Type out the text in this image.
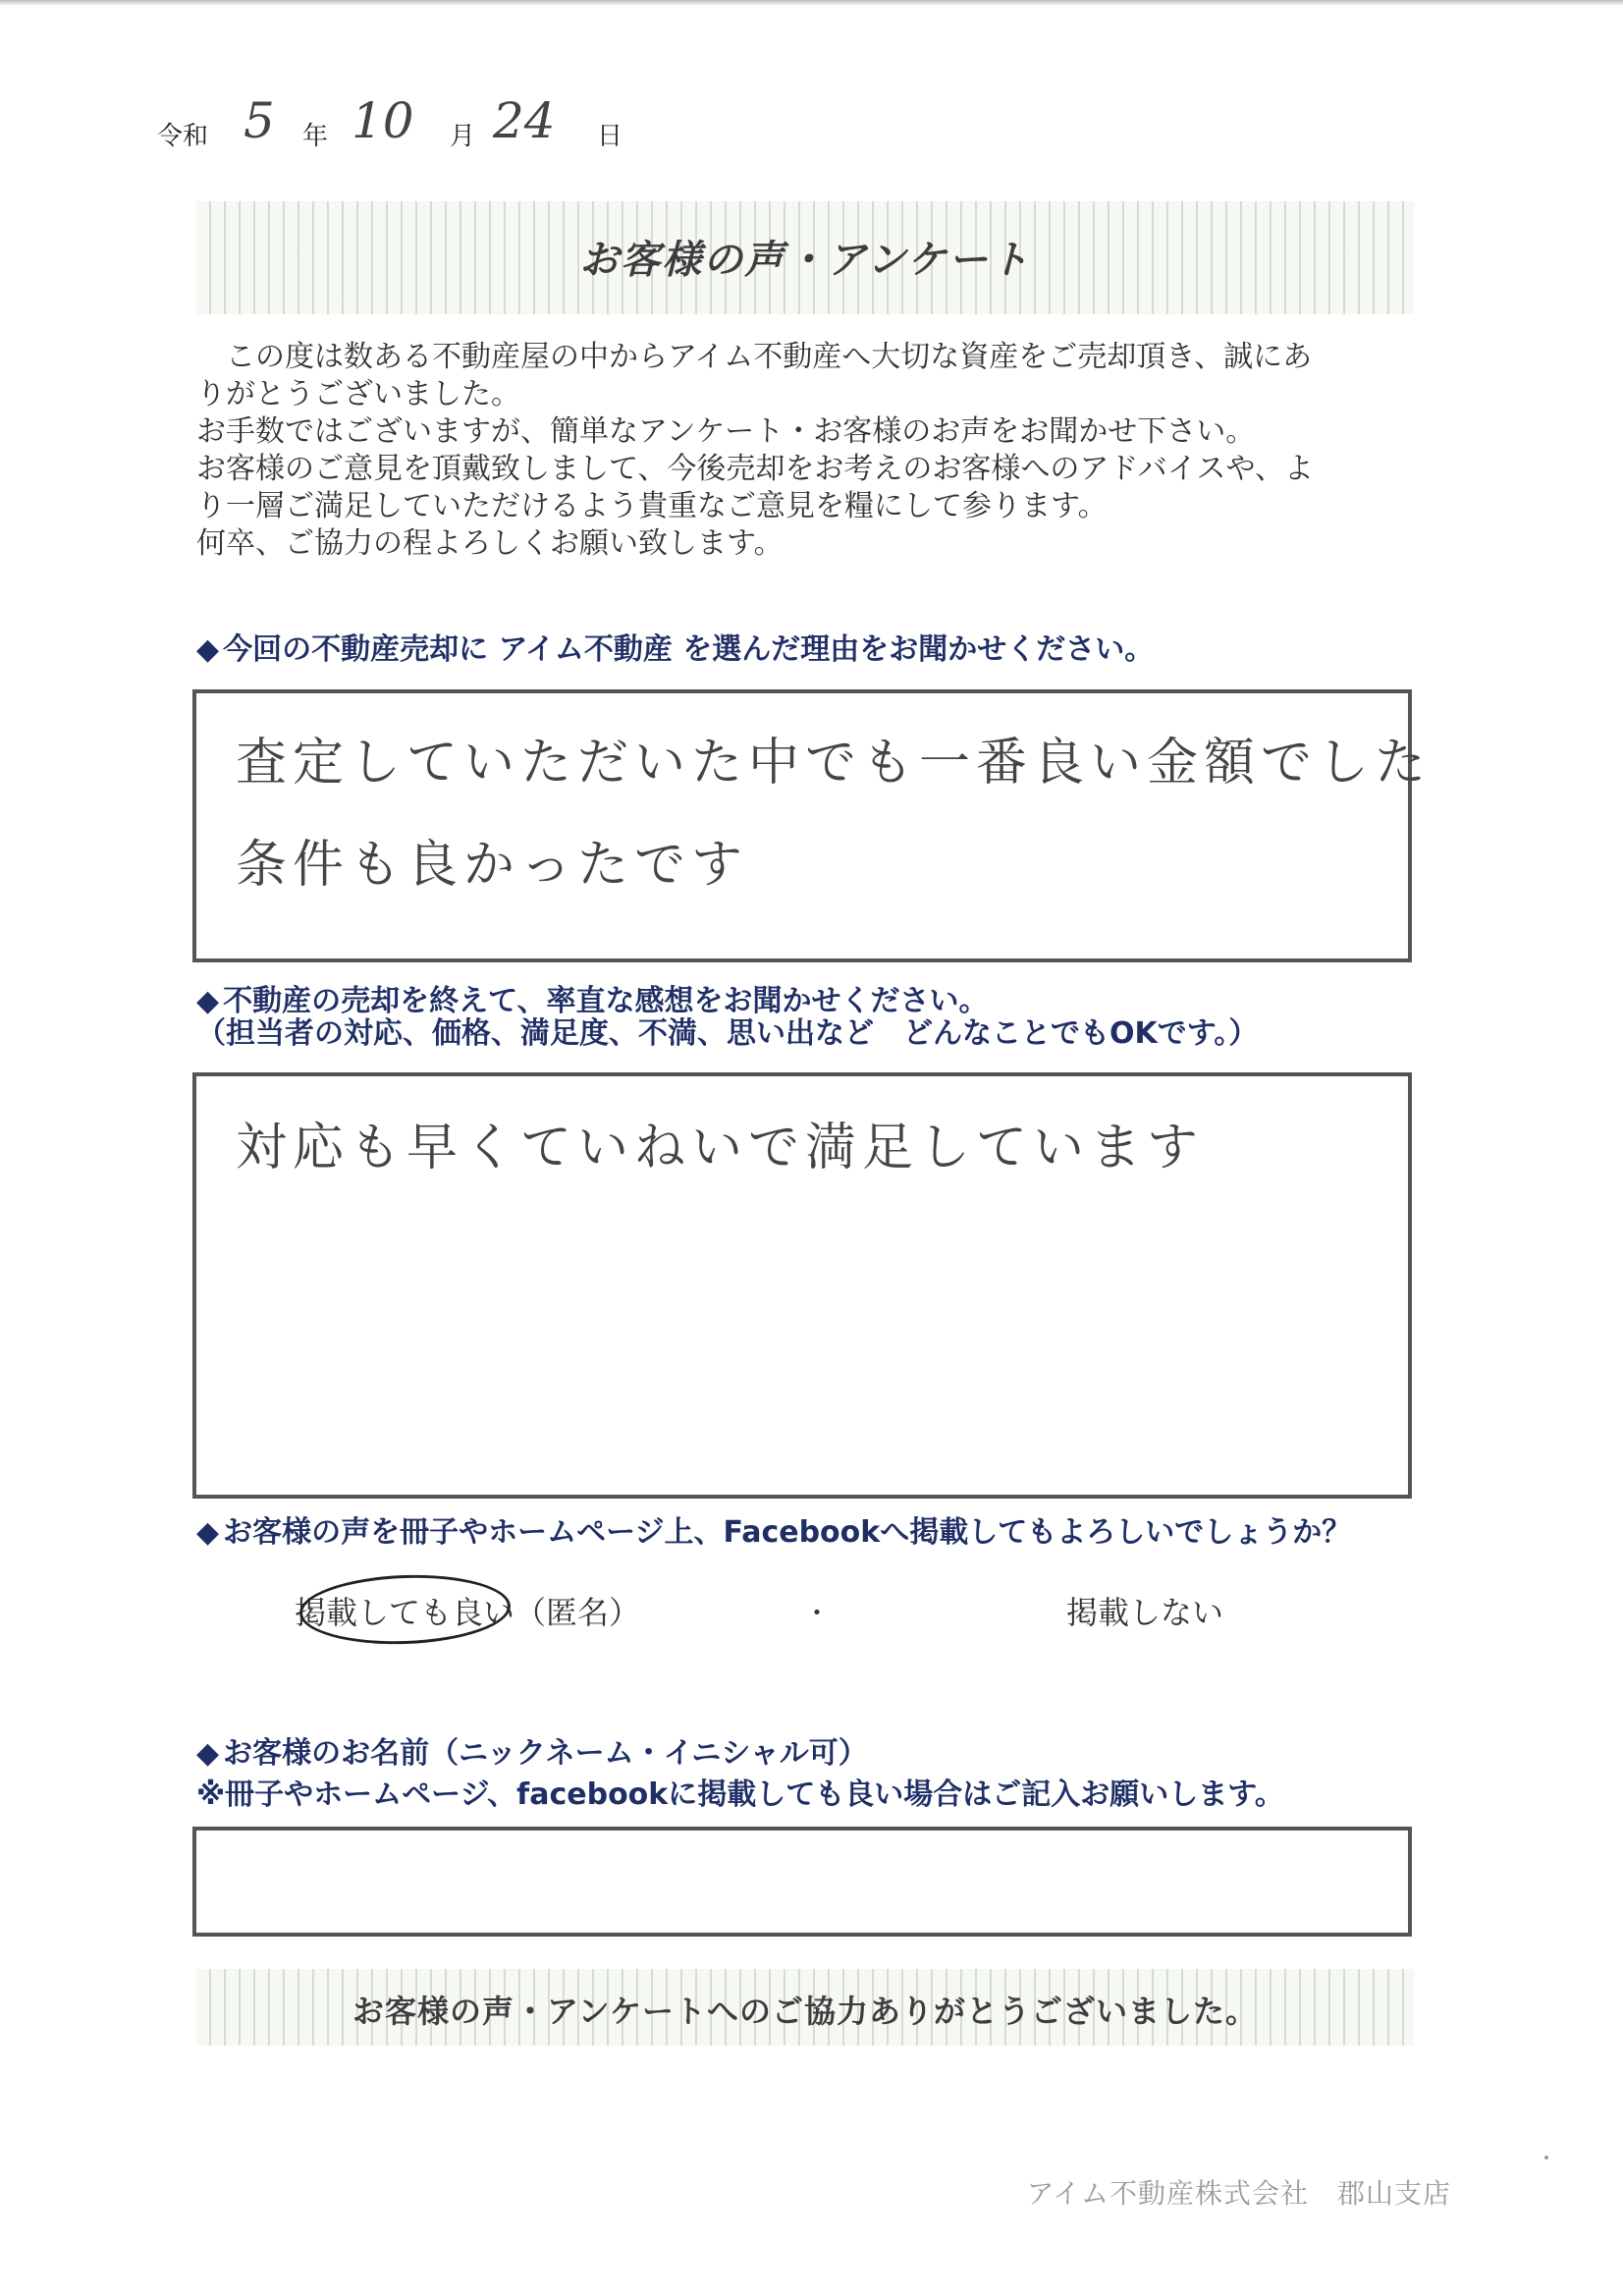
令和 5 年 10 月 24 日
お客様の声・アンケート

この度は数ある不動産屋の中からアイム不動産へ大切な資産をご売却頂き、誠にあ

りがとうございました。

お手数ではございますが、簡単なアンケート・お客様のお声をお聞かせ下さい。

お客様のご意見を頂戴致しまして、今後売却をお考えのお客様へのアドバイスや、よ

り一層ご満足していただけるよう貴重なご意見を糧にして参ります。

何卒、ご協力の程よろしくお願い致します。

◆ 今回の不動産売却に アイム不動産 を選んだ理由をお聞かせください。
査定していただいた中でも一番良い金額でした
条件も良かったです
◆ 不動産の売却を終えて、率直な感想をお聞かせください。
（担当者の対応、価格、満足度、不満、思い出など　どんなことでもOKです。）
対応も早くていねいで満足しています
◆ お客様の声を冊子やホームページ上、Facebookへ掲載してもよろしいでしょうか？
掲載しても良い（匿名）	・	掲載しない
◆ お客様のお名前（ニックネーム・イニシャル可）
※冊子やホームページ、facebookに掲載しても良い場合はご記入お願いします。
お客様の声・アンケートへのご協力ありがとうございました。
アイム不動産株式会社　郡山支店
